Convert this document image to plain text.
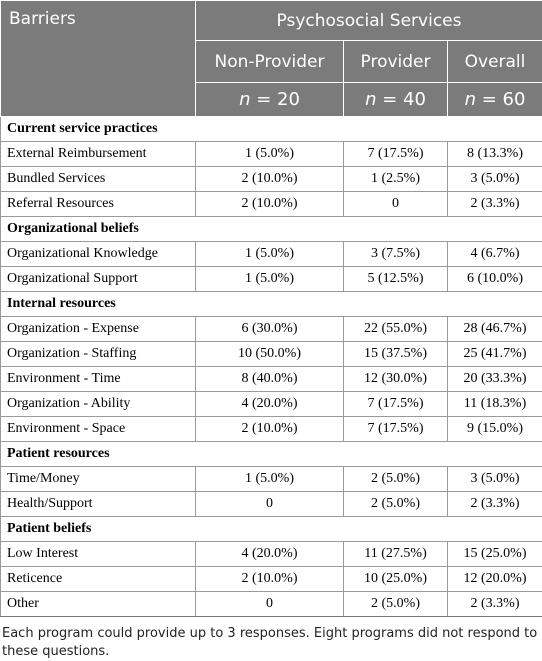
Barriers	Psychosocial Services		
	Non-Provider	Provider	Overall
	n = 20	n = 40	n = 60
Current service practices			
External Reimbursement	1 (5.0%)	7 (17.5%)	8 (13.3%)
Bundled Services	2 (10.0%)	1 (2.5%)	3 (5.0%)
Referral Resources	2 (10.0%)	0	2 (3.3%)
Organizational beliefs			
Organizational Knowledge	1 (5.0%)	3 (7.5%)	4 (6.7%)
Organizational Support	1 (5.0%)	5 (12.5%)	6 (10.0%)
Internal resources			
Organization - Expense	6 (30.0%)	22 (55.0%)	28 (46.7%)
Organization - Staffing	10 (50.0%)	15 (37.5%)	25 (41.7%)
Environment - Time	8 (40.0%)	12 (30.0%)	20 (33.3%)
Organization - Ability	4 (20.0%)	7 (17.5%)	11 (18.3%)
Environment - Space	2 (10.0%)	7 (17.5%)	9 (15.0%)
Patient resources			
Time/Money	1 (5.0%)	2 (5.0%)	3 (5.0%)
Health/Support	0	2 (5.0%)	2 (3.3%)
Patient beliefs			
Low Interest	4 (20.0%)	11 (27.5%)	15 (25.0%)
Reticence	2 (10.0%)	10 (25.0%)	12 (20.0%)
Other	0	2 (5.0%)	2 (3.3%)
Each program could provide up to 3 responses. Eight programs did not respond to these questions.
